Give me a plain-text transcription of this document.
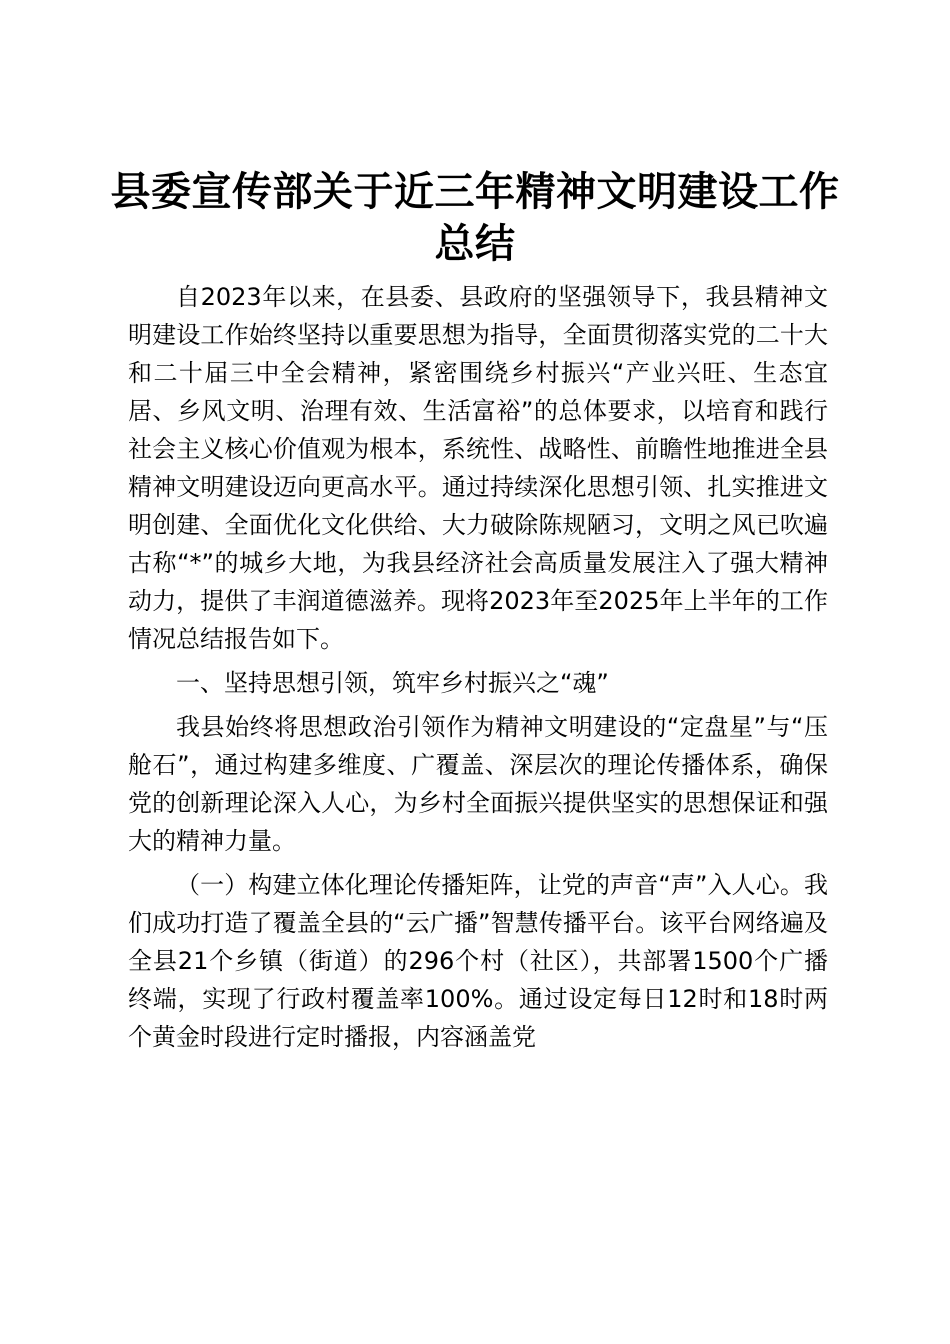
县委宣传部关于近三年精神文明建设工作总结

自2023年以来，在县委、县政府的坚强领导下，我县精神文明建设工作始终坚持以重要思想为指导，全面贯彻落实党的二十大和二十届三中全会精神，紧密围绕乡村振兴“产业兴旺、生态宜居、乡风文明、治理有效、生活富裕”的总体要求，以培育和践行社会主义核心价值观为根本，系统性、战略性、前瞻性地推进全县精神文明建设迈向更高水平。通过持续深化思想引领、扎实推进文明创建、全面优化文化供给、大力破除陈规陋习，文明之风已吹遍古称“*”的城乡大地，为我县经济社会高质量发展注入了强大精神动力，提供了丰润道德滋养。现将2023年至2025年上半年的工作情况总结报告如下。

一、坚持思想引领，筑牢乡村振兴之“魂”

我县始终将思想政治引领作为精神文明建设的“定盘星”与“压舱石”，通过构建多维度、广覆盖、深层次的理论传播体系，确保党的创新理论深入人心，为乡村全面振兴提供坚实的思想保证和强大的精神力量。

（一）构建立体化理论传播矩阵，让党的声音“声”入人心。我们成功打造了覆盖全县的“云广播”智慧传播平台。该平台网络遍及全县21个乡镇（街道）的296个村（社区），共部署1500个广播终端，实现了行政村覆盖率100%。通过设定每日12时和18时两个黄金时段进行定时播报，内容涵盖党
